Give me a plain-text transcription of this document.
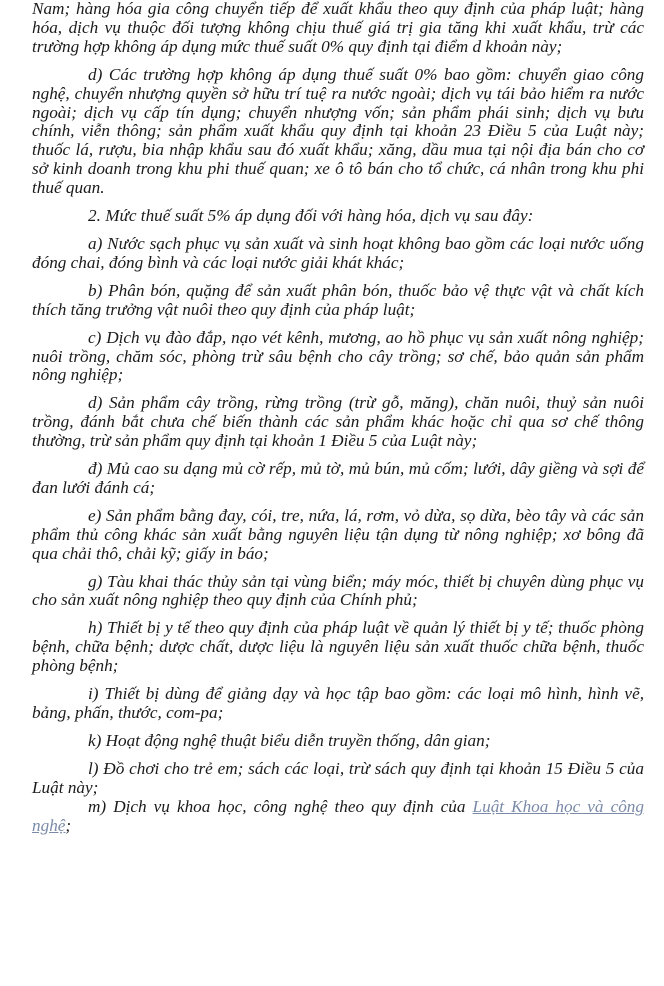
Nam; hàng hóa gia công chuyển tiếp để xuất khẩu theo quy định của pháp luật; hàng hóa, dịch vụ thuộc đối tượng không chịu thuế giá trị gia tăng khi xuất khẩu, trừ các trường hợp không áp dụng mức thuế suất 0% quy định tại điểm d khoản này;

d) Các trường hợp không áp dụng thuế suất 0% bao gồm: chuyển giao công nghệ, chuyển nhượng quyền sở hữu trí tuệ ra nước ngoài; dịch vụ tái bảo hiểm ra nước ngoài; dịch vụ cấp tín dụng; chuyển nhượng vốn; sản phẩm phái sinh; dịch vụ bưu chính, viễn thông; sản phẩm xuất khẩu quy định tại khoản 23 Điều 5 của Luật này; thuốc lá, rượu, bia nhập khẩu sau đó xuất khẩu; xăng, dầu mua tại nội địa bán cho cơ sở kinh doanh trong khu phi thuế quan; xe ô tô bán cho tổ chức, cá nhân trong khu phi thuế quan.

2. Mức thuế suất 5% áp dụng đối với hàng hóa, dịch vụ sau đây:

a) Nước sạch phục vụ sản xuất và sinh hoạt không bao gồm các loại nước uống đóng chai, đóng bình và các loại nước giải khát khác;

b) Phân bón, quặng để sản xuất phân bón, thuốc bảo vệ thực vật và chất kích thích tăng trưởng vật nuôi theo quy định của pháp luật;

c) Dịch vụ đào đắp, nạo vét kênh, mương, ao hồ phục vụ sản xuất nông nghiệp; nuôi trồng, chăm sóc, phòng trừ sâu bệnh cho cây trồng; sơ chế, bảo quản sản phẩm nông nghiệp;

d) Sản phẩm cây trồng, rừng trồng (trừ gỗ, măng), chăn nuôi, thuỷ sản nuôi trồng, đánh bắt chưa chế biến thành các sản phẩm khác hoặc chỉ qua sơ chế thông thường, trừ sản phẩm quy định tại khoản 1 Điều 5 của Luật này;

đ) Mủ cao su dạng mủ cờ rếp, mủ tờ, mủ bún, mủ cốm; lưới, dây giềng và sợi để đan lưới đánh cá;

e) Sản phẩm bằng đay, cói, tre, nứa, lá, rơm, vỏ dừa, sọ dừa, bèo tây và các sản phẩm thủ công khác sản xuất bằng nguyên liệu tận dụng từ nông nghiệp; xơ bông đã qua chải thô, chải kỹ; giấy in báo;

g) Tàu khai thác thủy sản tại vùng biển; máy móc, thiết bị chuyên dùng phục vụ cho sản xuất nông nghiệp theo quy định của Chính phủ;

h) Thiết bị y tế theo quy định của pháp luật về quản lý thiết bị y tế; thuốc phòng bệnh, chữa bệnh; dược chất, dược liệu là nguyên liệu sản xuất thuốc chữa bệnh, thuốc phòng bệnh;

i) Thiết bị dùng để giảng dạy và học tập bao gồm: các loại mô hình, hình vẽ, bảng, phấn, thước, com-pa;

k) Hoạt động nghệ thuật biểu diễn truyền thống, dân gian;

l) Đồ chơi cho trẻ em; sách các loại, trừ sách quy định tại khoản 15 Điều 5 của Luật này;

m) Dịch vụ khoa học, công nghệ theo quy định của Luật Khoa học và công nghệ;
